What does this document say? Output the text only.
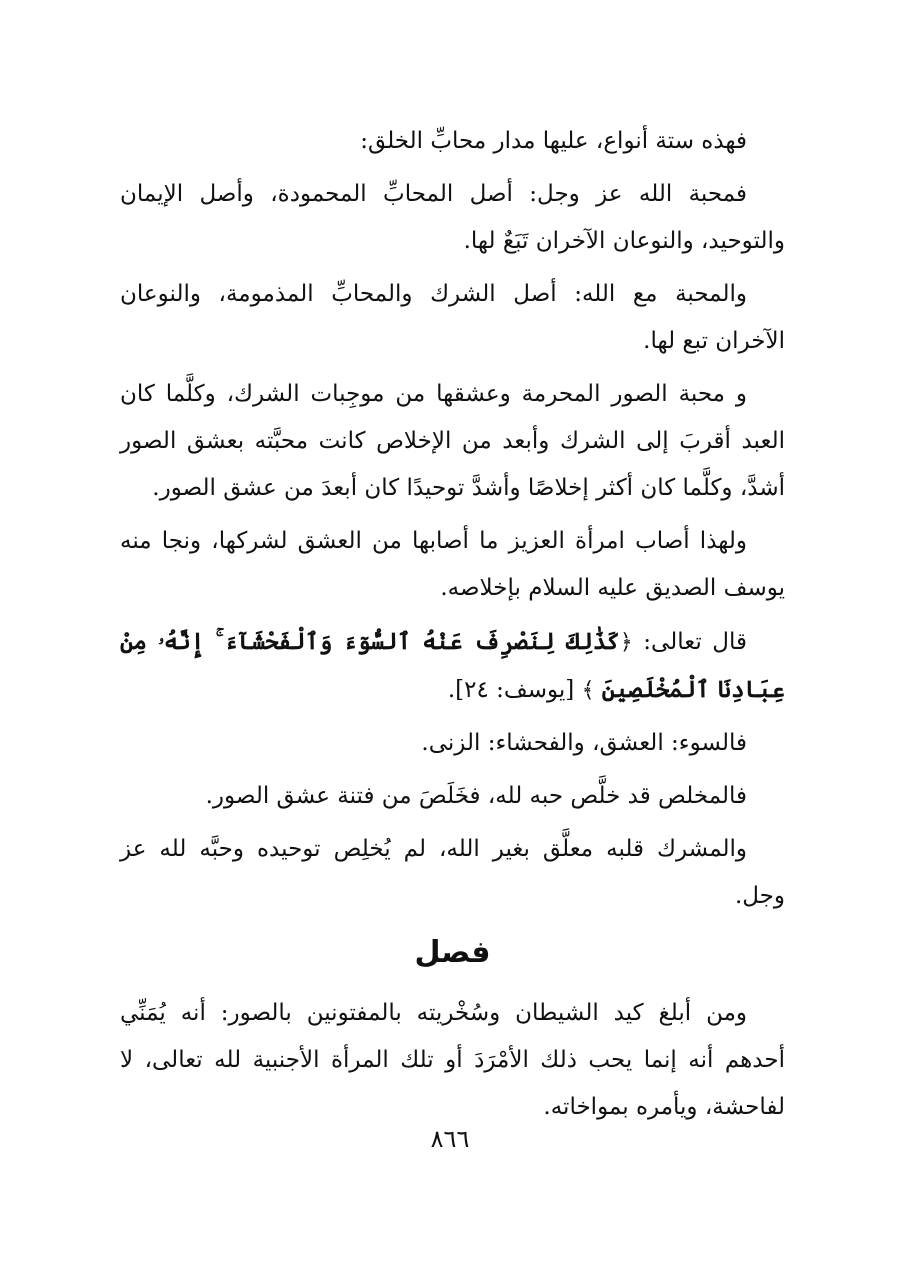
فهذه ستة أنواع، عليها مدار محابِّ الخلق:

فمحبة الله عز وجل: أصل المحابِّ المحمودة، وأصل الإيمان والتوحيد، والنوعان الآخران تَبَعٌ لها.

والمحبة مع الله: أصل الشرك والمحابِّ المذمومة، والنوعان الآخران تبع لها.

و محبة الصور المحرمة وعشقها من موجِبات الشرك، وكلَّما كان العبد أقربَ إلى الشرك وأبعد من الإخلاص كانت محبَّته بعشق الصور أشدَّ، وكلَّما كان أكثر إخلاصًا وأشدَّ توحيدًا كان أبعدَ من عشق الصور.

ولهذا أصاب امرأة العزيز ما أصابها من العشق لشركها، ونجا منه يوسف الصديق عليه السلام بإخلاصه.

قال تعالى: ﴿كَذَٰلِكَ لِنَصْرِفَ عَنْهُ ٱلسُّوٓءَ وَٱلْفَحْشَآءَ ۚ إِنَّهُۥ مِنْ عِبَادِنَا ٱلْمُخْلَصِينَ ﴾ [يوسف: ٢٤].

فالسوء: العشق، والفحشاء: الزنى.

فالمخلص قد خلَّص حبه لله، فخَلَصَ من فتنة عشق الصور.

والمشرك قلبه معلَّق بغير الله، لم يُخلِص توحيده وحبَّه لله عز وجل.

فصل

ومن أبلغ كيد الشيطان وسُخْريته بالمفتونين بالصور: أنه يُمَنِّي أحدهم أنه إنما يحب ذلك الأمْرَدَ أو تلك المرأة الأجنبية لله تعالى، لا لفاحشة، ويأمره بمواخاته.

٨٦٦
